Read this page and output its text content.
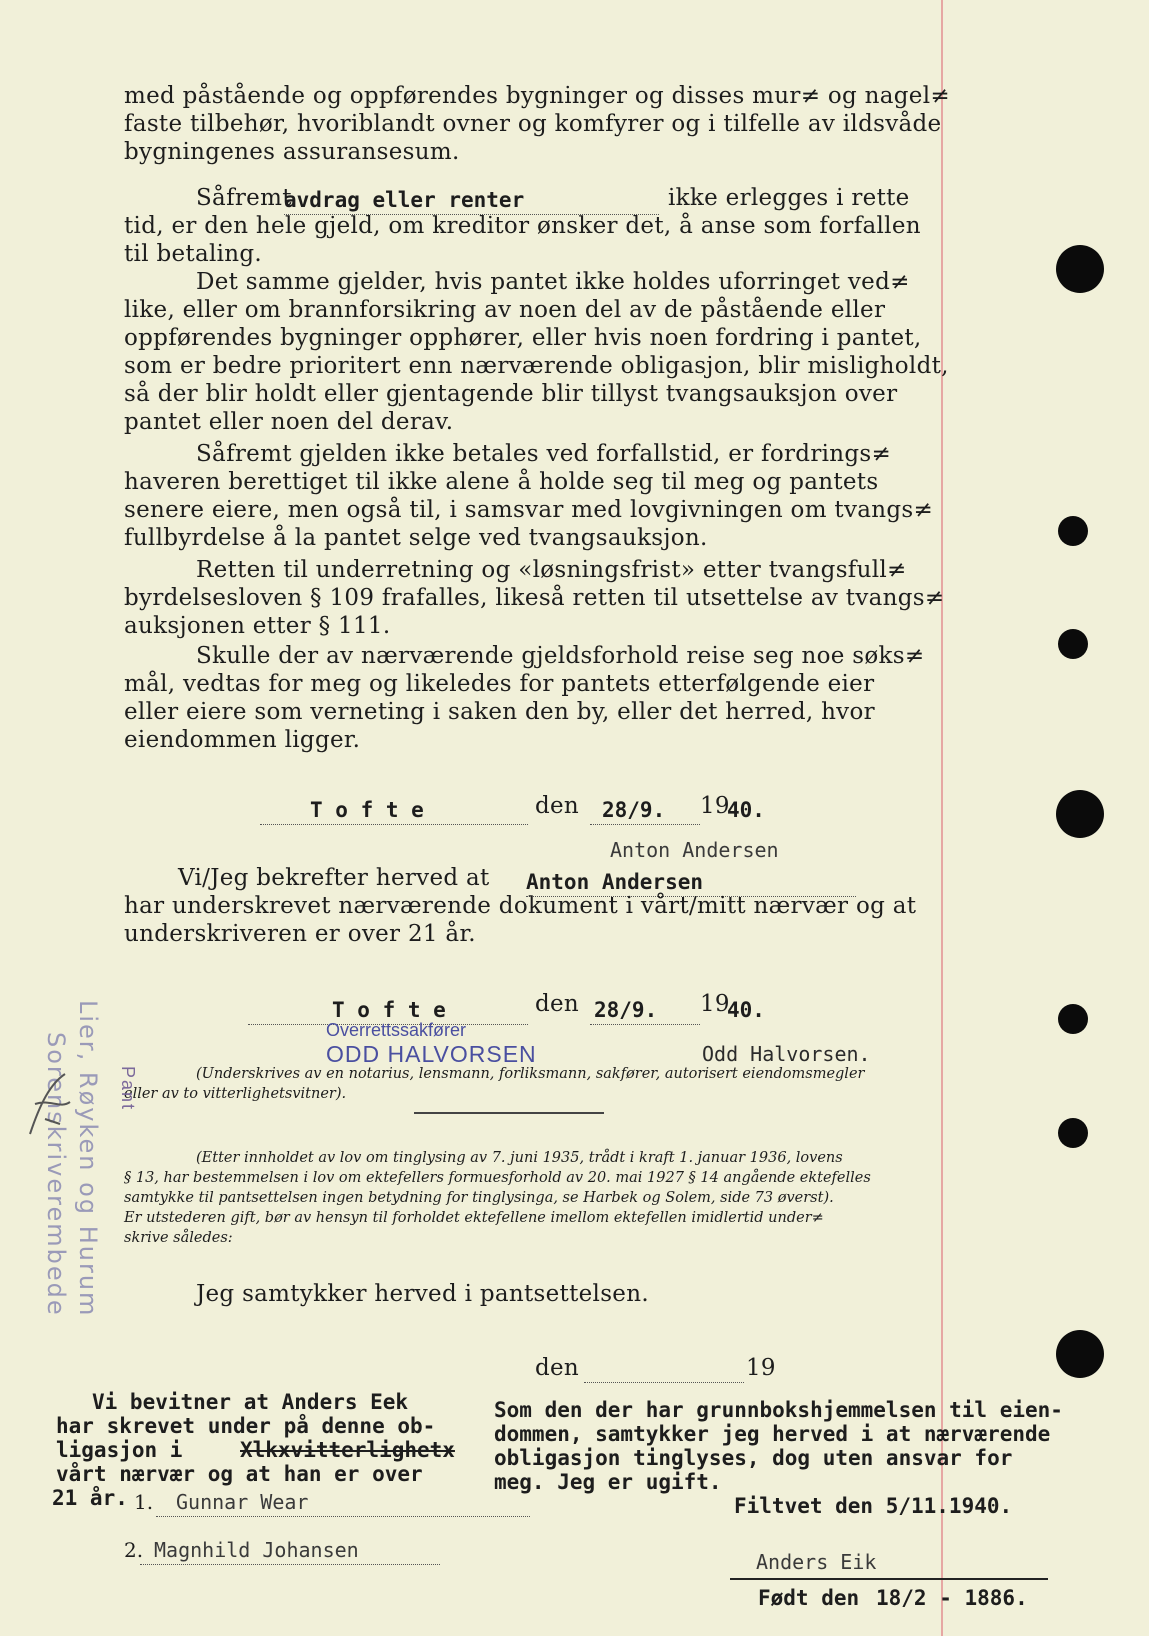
med påstående og oppførendes bygninger og disses mur≠ og nagel≠
faste tilbehør, hvoriblandt ovner og komfyrer og i tilfelle av ildsvåde
bygningenes assuransesum.
Såfremt
avdrag eller renter	ikke erlegges i rette
tid, er den hele gjeld, om kreditor ønsker det, å anse som forfallen
til betaling.
Det samme gjelder, hvis pantet ikke holdes uforringet ved≠
like, eller om brannforsikring av noen del av de påstående eller
oppførendes bygninger opphører, eller hvis noen fordring i pantet,
som er bedre prioritert enn nærværende obligasjon, blir misligholdt,
så der blir holdt eller gjentagende blir tillyst tvangsauksjon over
pantet eller noen del derav.
Såfremt gjelden ikke betales ved forfallstid, er fordrings≠
haveren berettiget til ikke alene å holde seg til meg og pantets
senere eiere, men også til, i samsvar med lovgivningen om tvangs≠
fullbyrdelse å la pantet selge ved tvangsauksjon.
Retten til underretning og «løsningsfrist» etter tvangsfull≠
byrdelsesloven § 109 frafalles, likeså retten til utsettelse av tvangs≠
auksjonen etter § 111.
Skulle der av nærværende gjeldsforhold reise seg noe søks≠
mål, vedtas for meg og likeledes for pantets etterfølgende eier
eller eiere som verneting i saken den by, eller det herred, hvor
eiendommen ligger.
T o f t e	den	28/9.	19
40.
Anton Andersen
Vi/Jeg bekrefter herved at Anton Andersen
har underskrevet nærværende dokument i vårt/mitt nærvær og at
underskriveren er over 21 år.
T o f t e	den 28/9.	19
40.
Overrettssakfører
ODD HALVORSEN	Odd Halvorsen.
(Underskrives av en notarius, lensmann, forliksmann, sakfører, autorisert eiendomsmegler
eller av to vitterlighetsvitner).
(Etter innholdet av lov om tinglysing av 7. juni 1935, trådt i kraft 1. januar 1936, lovens
§ 13, har bestemmelsen i lov om ektefellers formuesforhold av 20. mai 1927 § 14 angående ektefelles
samtykke til pantsettelsen ingen betydning for tinglysinga, se Harbek og Solem, side 73 øverst).
Er utstederen gift, bør av hensyn til forholdet ektefellene imellom ektefellen imidlertid under≠
skrive således:
Jeg samtykker herved i pantsettelsen.
den	19
Vi bevitner at Anders Eek
har skrevet under på denne ob-
ligasjon i	Xlkxvitterlighetx
vårt nærvær og at han er over
21 år. 1.	Gunnar Wear
2. Magnhild Johansen
Som den der har grunnbokshjemmelsen til eien-
dommen, samtykker jeg herved i at nærværende
obligasjon tinglyses, dog uten ansvar for
meg. Jeg er ugift.
Filtvet den 5/11.1940.
Anders Eik
Født den 18/2 - 1886.
Lier, Røyken og Hurum
Sorenskriverembede	Pant
